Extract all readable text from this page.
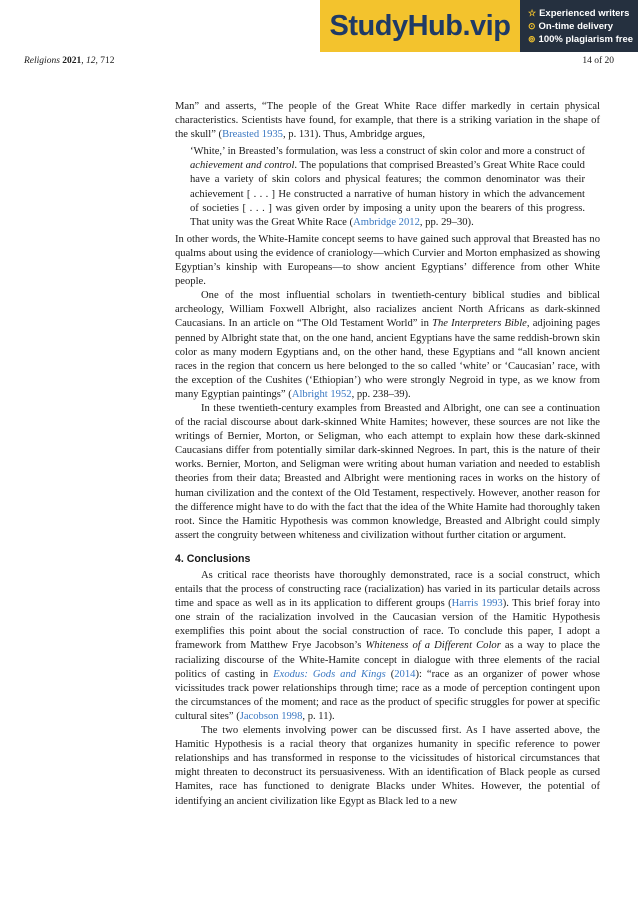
StudyHub.vip	☆ Experienced writers
⊙ On-time delivery
⊚ 100% plagiarism free
Religions 2021, 12, 712	14 of 20

Man” and asserts, “The people of the Great White Race differ markedly in certain physical characteristics. Scientists have found, for example, that there is a striking variation in the shape of the skull” (Breasted 1935, p. 131). Thus, Ambridge argues,

‘White,’ in Breasted’s formulation, was less a construct of skin color and more a construct of achievement and control. The populations that comprised Breasted’s Great White Race could have a variety of skin colors and physical features; the common denominator was their achievement [ . . . ] He constructed a narrative of human history in which the advancement of societies [ . . . ] was given order by imposing a unity upon the bearers of this progress. That unity was the Great White Race (Ambridge 2012, pp. 29–30).

In other words, the White-Hamite concept seems to have gained such approval that Breasted has no qualms about using the evidence of craniology—which Curvier and Morton emphasized as showing Egyptian’s kinship with Europeans—to show ancient Egyptians’ difference from other White people.

One of the most influential scholars in twentieth-century biblical studies and biblical archeology, William Foxwell Albright, also racializes ancient North Africans as dark-skinned Caucasians. In an article on “The Old Testament World” in The Interpreters Bible, adjoining pages penned by Albright state that, on the one hand, ancient Egyptians have the same reddish-brown skin color as many modern Egyptians and, on the other hand, these Egyptians and “all known ancient races in the region that concern us here belonged to the so called ‘white’ or ‘Caucasian’ race, with the exception of the Cushites (‘Ethiopian’) who were strongly Negroid in type, as we know from many Egyptian paintings” (Albright 1952, pp. 238–39).

In these twentieth-century examples from Breasted and Albright, one can see a continuation of the racial discourse about dark-skinned White Hamites; however, these sources are not like the writings of Bernier, Morton, or Seligman, who each attempt to explain how these dark-skinned Caucasians differ from potentially similar dark-skinned Negroes. In part, this is the nature of their works. Bernier, Morton, and Seligman were writing about human variation and needed to establish theories from their data; Breasted and Albright were mentioning races in works on the history of human civilization and the context of the Old Testament, respectively. However, another reason for the difference might have to do with the fact that the idea of the White Hamite had thoroughly taken root. Since the Hamitic Hypothesis was common knowledge, Breasted and Albright could simply assert the congruity between whiteness and civilization without further citation or argument.

4. Conclusions

As critical race theorists have thoroughly demonstrated, race is a social construct, which entails that the process of constructing race (racialization) has varied in its particular details across time and space as well as in its application to different groups (Harris 1993). This brief foray into one strain of the racialization involved in the Caucasian version of the Hamitic Hypothesis exemplifies this point about the social construction of race. To conclude this paper, I adopt a framework from Matthew Frye Jacobson’s Whiteness of a Different Color as a way to place the racializing discourse of the White-Hamite concept in dialogue with three elements of the racial politics of casting in Exodus: Gods and Kings (2014): “race as an organizer of power whose vicissitudes track power relationships through time; race as a mode of perception contingent upon the circumstances of the moment; and race as the product of specific struggles for power at specific cultural sites” (Jacobson 1998, p. 11).

The two elements involving power can be discussed first. As I have asserted above, the Hamitic Hypothesis is a racial theory that organizes humanity in specific reference to power relationships and has transformed in response to the vicissitudes of historical circumstances that might threaten to deconstruct its persuasiveness. With an identification of Black people as cursed Hamites, race has functioned to denigrate Blacks under Whites. However, the potential of identifying an ancient civilization like Egypt as Black led to a new
